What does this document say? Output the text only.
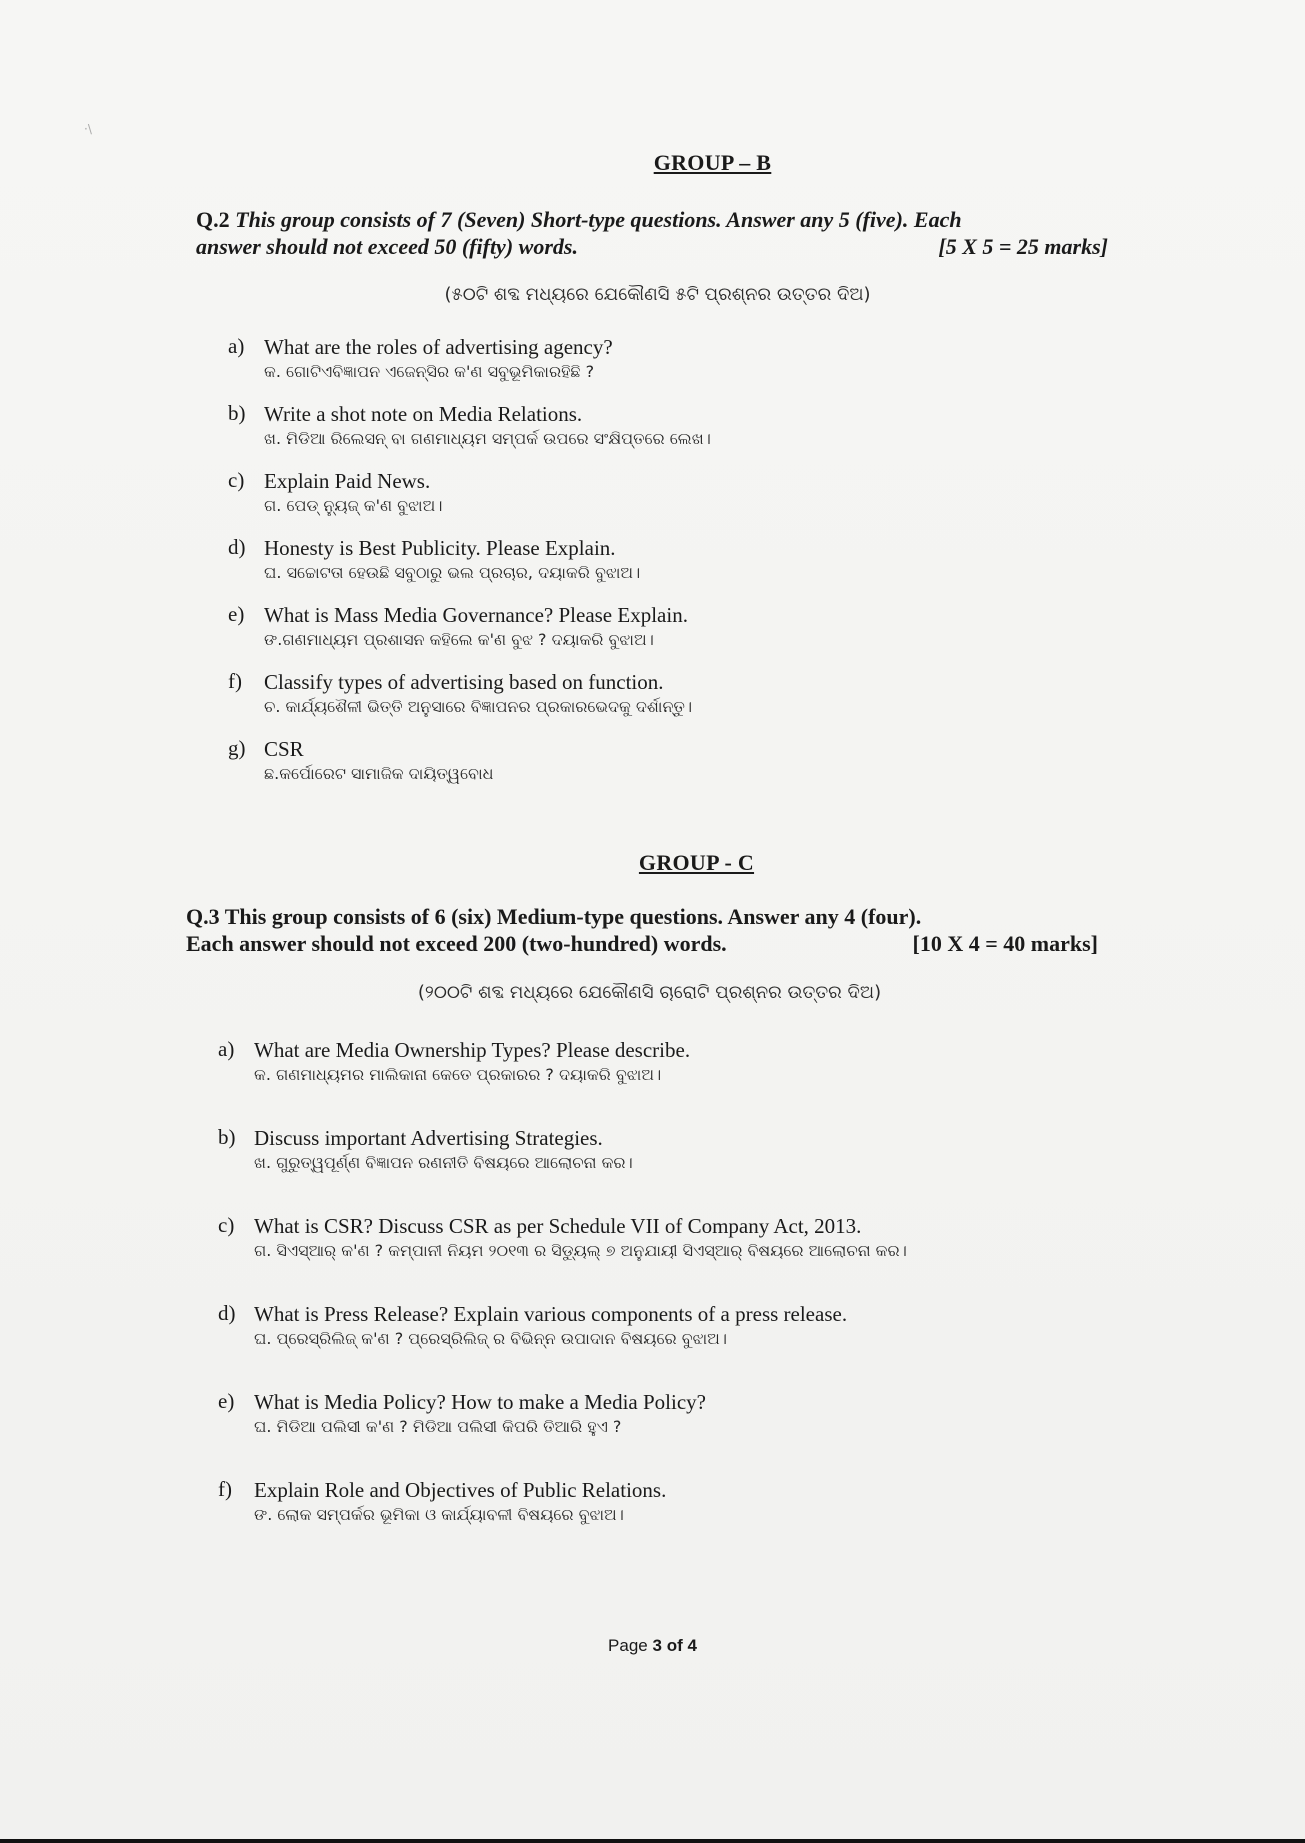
·\
GROUP – B
Q.2 This group consists of 7 (Seven) Short-type questions. Answer any 5 (five). Each
answer should not exceed 50 (fifty) words.	[5 X 5 = 25 marks]
(୫୦ଟି ଶବ୍ଦ ମଧ୍ୟରେ ଯେକୌଣସି ୫ଟି ପ୍ରଶ୍ନର ଉତ୍ତର ଦିଅ)
a) What are the roles of advertising agency?
କ. ଗୋଟିଏବିଜ୍ଞାପନ ଏଜେନ୍ସିର କ'ଣ ସବୁଭୂମିକାରହିଛି ?
b) Write a shot note on Media Relations.
ଖ. ମିଡିଆ ରିଲେସନ୍ ବା ଗଣମାଧ୍ୟମ ସମ୍ପର୍କ ଉପରେ ସଂକ୍ଷିପ୍ତରେ ଲେଖ।
c) Explain Paid News.
ଗ. ପେଡ୍ ନ୍ୟୁଜ୍ କ'ଣ ବୁଝାଅ।
d) Honesty is Best Publicity. Please Explain.
ଘ. ସଚ୍ଚୋଟତା ହେଉଛି ସବୁଠାରୁ ଭଲ ପ୍ରଚାର, ଦୟାକରି ବୁଝାଅ।
e) What is Mass Media Governance? Please Explain.
ଙ.ଗଣମାଧ୍ୟମ ପ୍ରଶାସନ କହିଲେ କ'ଣ ବୁଝ ? ଦୟାକରି ବୁଝାଅ।
f)	Classify types of advertising based on function.
ଚ. କାର୍ଯ୍ୟଶୈଳୀ ଭିତ୍ତି ଅନୁସାରେ ବିଜ୍ଞାପନର ପ୍ରକାରଭେଦକୁ ଦର୍ଶାନ୍ତୁ।
g) CSR
ଛ.କର୍ପୋରେଟ ସାମାଜିକ ଦାୟିତ୍ୱବୋଧ
GROUP - C
Q.3 This group consists of 6 (six) Medium-type questions. Answer any 4 (four).
Each answer should not exceed 200 (two-hundred) words.	[10 X 4 = 40 marks]
(୨୦୦ଟି ଶବ୍ଦ ମଧ୍ୟରେ ଯେକୌଣସି ଚାରୋଟି ପ୍ରଶ୍ନର ଉତ୍ତର ଦିଅ)
a) What are Media Ownership Types? Please describe.
କ. ଗଣମାଧ୍ୟମର ମାଲିକାନା କେତେ ପ୍ରକାରର ? ଦୟାକରି ବୁଝାଅ।
b) Discuss important Advertising Strategies.
ଖ. ଗୁରୁତ୍ୱପୂର୍ଣ୍ଣ ବିଜ୍ଞାପନ ରଣନୀତି ବିଷୟରେ ଆଲୋଚନା କର।
c) What is CSR? Discuss CSR as per Schedule VII of Company Act, 2013.
ଗ. ସିଏସ୍ଆର୍ କ'ଣ ? କମ୍ପାନୀ ନିୟମ ୨୦୧୩ ର ସିଡ୍ୟୁଲ୍ ୭ ଅନୁଯାୟୀ ସିଏସ୍ଆର୍ ବିଷୟରେ ଆଲୋଚନା କର।
d) What is Press Release? Explain various components of a press release.
ଘ. ପ୍ରେସ୍‌ରିଲିଜ୍ କ'ଣ ? ପ୍ରେସ୍‌ରିଲିଜ୍ ର ବିଭିନ୍ନ ଉପାଦାନ ବିଷୟରେ ବୁଝାଅ।
e) What is Media Policy? How to make a Media Policy?
ଘ. ମିଡିଆ ପଲିସୀ କ'ଣ ? ମିଡିଆ ପଲିସୀ କିପରି ତିଆରି ହୁଏ ?
f)	Explain Role and Objectives of Public Relations.
ଙ. ଲୋକ ସମ୍ପର୍କର ଭୂମିକା ଓ କାର୍ଯ୍ୟାବଳୀ ବିଷୟରେ ବୁଝାଅ।
Page 3 of 4
